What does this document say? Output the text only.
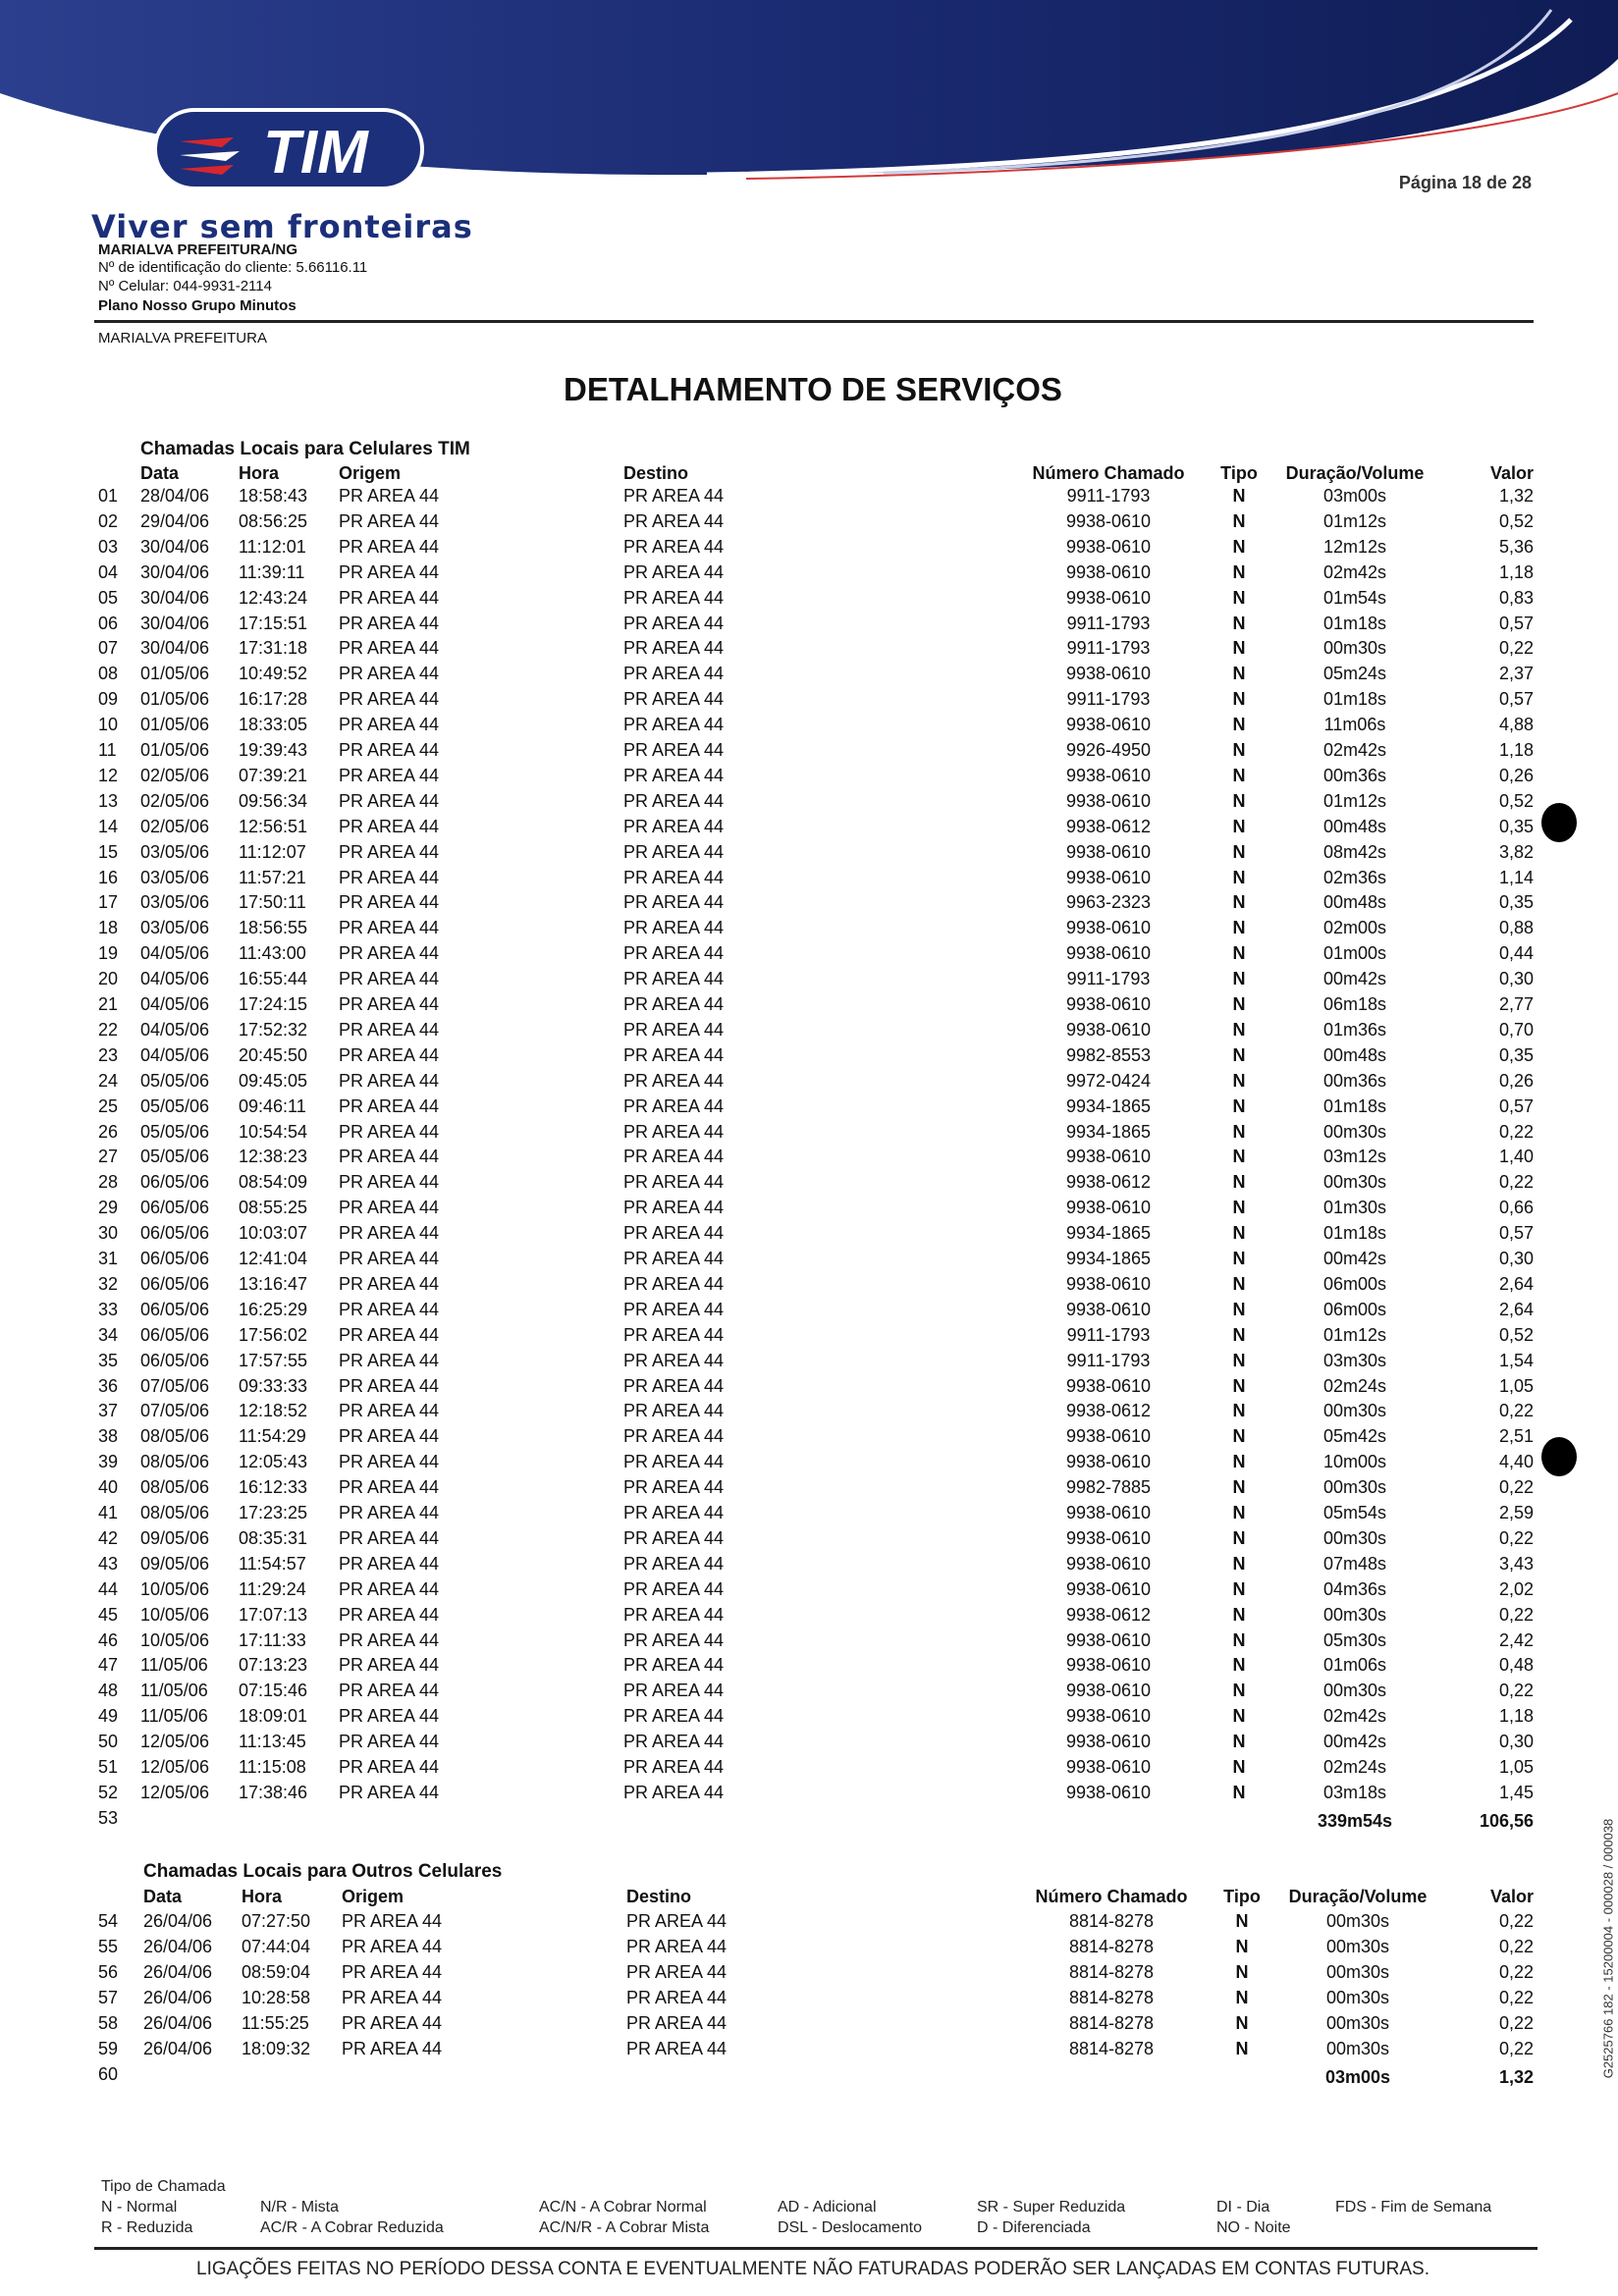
TIM	Página 18 de 28
Viver sem fronteiras
MARIALVA PREFEITURA/NG
Nº de identificação do cliente: 5.66116.11
Nº Celular: 044-9931-2114
Plano Nosso Grupo Minutos
MARIALVA PREFEITURA
DETALHAMENTO DE SERVIÇOS
Chamadas Locais para Celulares TIM
Data	Hora	Origem	Destino	Número Chamado Tipo Duração/Volume	Valor
01 28/04/06 18:58:43 PR AREA 44	PR AREA 44	9911-1793	N	03m00s	1,32
02 29/04/06 08:56:25 PR AREA 44	PR AREA 44	9938-0610	N	01m12s	0,52
03 30/04/06 11:12:01 PR AREA 44	PR AREA 44	9938-0610	N	12m12s	5,36
04 30/04/06 11:39:11 PR AREA 44	PR AREA 44	9938-0610	N	02m42s	1,18
05 30/04/06 12:43:24 PR AREA 44	PR AREA 44	9938-0610	N	01m54s	0,83
06 30/04/06 17:15:51 PR AREA 44	PR AREA 44	9911-1793	N	01m18s	0,57
07 30/04/06 17:31:18 PR AREA 44	PR AREA 44	9911-1793	N	00m30s	0,22
08 01/05/06 10:49:52 PR AREA 44	PR AREA 44	9938-0610	N	05m24s	2,37
09 01/05/06 16:17:28 PR AREA 44	PR AREA 44	9911-1793	N	01m18s	0,57
10 01/05/06 18:33:05 PR AREA 44	PR AREA 44	9938-0610	N	11m06s	4,88
11 01/05/06 19:39:43 PR AREA 44	PR AREA 44	9926-4950	N	02m42s	1,18
12 02/05/06 07:39:21 PR AREA 44	PR AREA 44	9938-0610	N	00m36s	0,26
13 02/05/06 09:56:34 PR AREA 44	PR AREA 44	9938-0610	N	01m12s	0,52
14 02/05/06 12:56:51 PR AREA 44	PR AREA 44	9938-0612	N	00m48s	0,35
15 03/05/06 11:12:07 PR AREA 44	PR AREA 44	9938-0610	N	08m42s	3,82
16 03/05/06 11:57:21 PR AREA 44	PR AREA 44	9938-0610	N	02m36s	1,14
17 03/05/06 17:50:11 PR AREA 44	PR AREA 44	9963-2323	N	00m48s	0,35
18 03/05/06 18:56:55 PR AREA 44	PR AREA 44	9938-0610	N	02m00s	0,88
19 04/05/06 11:43:00 PR AREA 44	PR AREA 44	9938-0610	N	01m00s	0,44
20 04/05/06 16:55:44 PR AREA 44	PR AREA 44	9911-1793	N	00m42s	0,30
21 04/05/06 17:24:15 PR AREA 44	PR AREA 44	9938-0610	N	06m18s	2,77
22 04/05/06 17:52:32 PR AREA 44	PR AREA 44	9938-0610	N	01m36s	0,70
23 04/05/06 20:45:50 PR AREA 44	PR AREA 44	9982-8553	N	00m48s	0,35
24 05/05/06 09:45:05 PR AREA 44	PR AREA 44	9972-0424	N	00m36s	0,26
25 05/05/06 09:46:11 PR AREA 44	PR AREA 44	9934-1865	N	01m18s	0,57
26 05/05/06 10:54:54 PR AREA 44	PR AREA 44	9934-1865	N	00m30s	0,22
27 05/05/06 12:38:23 PR AREA 44	PR AREA 44	9938-0610	N	03m12s	1,40
28 06/05/06 08:54:09 PR AREA 44	PR AREA 44	9938-0612	N	00m30s	0,22
29 06/05/06 08:55:25 PR AREA 44	PR AREA 44	9938-0610	N	01m30s	0,66
30 06/05/06 10:03:07 PR AREA 44	PR AREA 44	9934-1865	N	01m18s	0,57
31 06/05/06 12:41:04 PR AREA 44	PR AREA 44	9934-1865	N	00m42s	0,30
32 06/05/06 13:16:47 PR AREA 44	PR AREA 44	9938-0610	N	06m00s	2,64
33 06/05/06 16:25:29 PR AREA 44	PR AREA 44	9938-0610	N	06m00s	2,64
34 06/05/06 17:56:02 PR AREA 44	PR AREA 44	9911-1793	N	01m12s	0,52
35 06/05/06 17:57:55 PR AREA 44	PR AREA 44	9911-1793	N	03m30s	1,54
36 07/05/06 09:33:33 PR AREA 44	PR AREA 44	9938-0610	N	02m24s	1,05
37 07/05/06 12:18:52 PR AREA 44	PR AREA 44	9938-0612	N	00m30s	0,22
38 08/05/06 11:54:29 PR AREA 44	PR AREA 44	9938-0610	N	05m42s	2,51
39 08/05/06 12:05:43 PR AREA 44	PR AREA 44	9938-0610	N	10m00s	4,40
40 08/05/06 16:12:33 PR AREA 44	PR AREA 44	9982-7885	N	00m30s	0,22
41 08/05/06 17:23:25 PR AREA 44	PR AREA 44	9938-0610	N	05m54s	2,59
42 09/05/06 08:35:31 PR AREA 44	PR AREA 44	9938-0610	N	00m30s	0,22
43 09/05/06 11:54:57 PR AREA 44	PR AREA 44	9938-0610	N	07m48s	3,43
44 10/05/06 11:29:24 PR AREA 44	PR AREA 44	9938-0610	N	04m36s	2,02
45 10/05/06 17:07:13 PR AREA 44	PR AREA 44	9938-0612	N	00m30s	0,22
46 10/05/06 17:11:33 PR AREA 44	PR AREA 44	9938-0610	N	05m30s	2,42
47 11/05/06 07:13:23 PR AREA 44	PR AREA 44	9938-0610	N	01m06s	0,48
48 11/05/06 07:15:46 PR AREA 44	PR AREA 44	9938-0610	N	00m30s	0,22
49 11/05/06 18:09:01 PR AREA 44	PR AREA 44	9938-0610	N	02m42s	1,18
50 12/05/06 11:13:45 PR AREA 44	PR AREA 44	9938-0610	N	00m42s	0,30
51 12/05/06 11:15:08 PR AREA 44	PR AREA 44	9938-0610	N	02m24s	1,05
52 12/05/06 17:38:46 PR AREA 44	PR AREA 44	9938-0610	N	03m18s	1,45
53	339m54s	106,56
Chamadas Locais para Outros Celulares
Data	Hora	Origem	Destino	Número Chamado Tipo Duração/Volume	Valor
54 26/04/06 07:27:50 PR AREA 44	PR AREA 44	8814-8278	N	00m30s	0,22
55 26/04/06 07:44:04 PR AREA 44	PR AREA 44	8814-8278	N	00m30s	0,22
56 26/04/06 08:59:04 PR AREA 44	PR AREA 44	8814-8278	N	00m30s	0,22
57 26/04/06 10:28:58 PR AREA 44	PR AREA 44	8814-8278	N	00m30s	0,22
58 26/04/06 11:55:25 PR AREA 44	PR AREA 44	8814-8278	N	00m30s	0,22
59 26/04/06 18:09:32 PR AREA 44	PR AREA 44	8814-8278	N	00m30s	0,22
60	03m00s	1,32
Tipo de Chamada
N - Normal
R - Reduzida
N/R - Mista
AC/R - A Cobrar Reduzida
AC/N - A Cobrar Normal
AC/N/R - A Cobrar Mista
AD - Adicional
DSL - Deslocamento
SR - Super Reduzida
D - Diferenciada
DI - Dia
NO - Noite
FDS - Fim de Semana
LIGAÇÕES FEITAS NO PERÍODO DESSA CONTA E EVENTUALMENTE NÃO FATURADAS PODERÃO SER LANÇADAS EM CONTAS FUTURAS.
G2525766 182 - 15200004 - 000028 / 000038
